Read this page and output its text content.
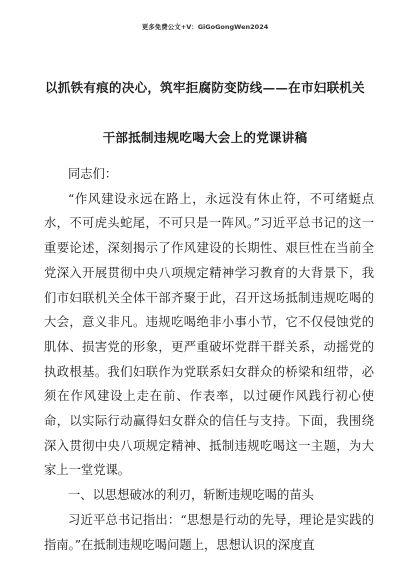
更多免费公文+V：GiGoGongWen2024
以抓铁有痕的决心，筑牢拒腐防变防线——在市妇联机关
干部抵制违规吃喝大会上的党课讲稿

同志们：

“作风建设永远在路上，永远没有休止符，不可绪蜓点水，不可虎头蛇尾，不可只是一阵风。”习近平总书记的这一重要论述，深刻揭示了作风建设的长期性、艰巨性在当前全党深入开展贯彻中央八项规定精神学习教育的大背景下，我们市妇联机关全体干部齐聚于此，召开这场抵制违规吃喝的大会，意义非凡。违规吃喝绝非小事小节，它不仅侵蚀党的肌体、损害党的形象，更严重破坏党群干群关系，动摇党的执政根基。我们妇联作为党联系妇女群众的桥梁和纽带，必须在作风建设上走在前、作表率，以过硬作风践行初心使命，以实际行动赢得妇女群众的信任与支持。下面，我围绕深入贯彻中央八项规定精神、抵制违规吃喝这一主题，为大家上一堂党课。

一、以思想破冰的利刃，斩断违规吃喝的苗头

习近平总书记指出：“思想是行动的先导，理论是实践的指南。”在抵制违规吃喝问题上，思想认识的深度直
